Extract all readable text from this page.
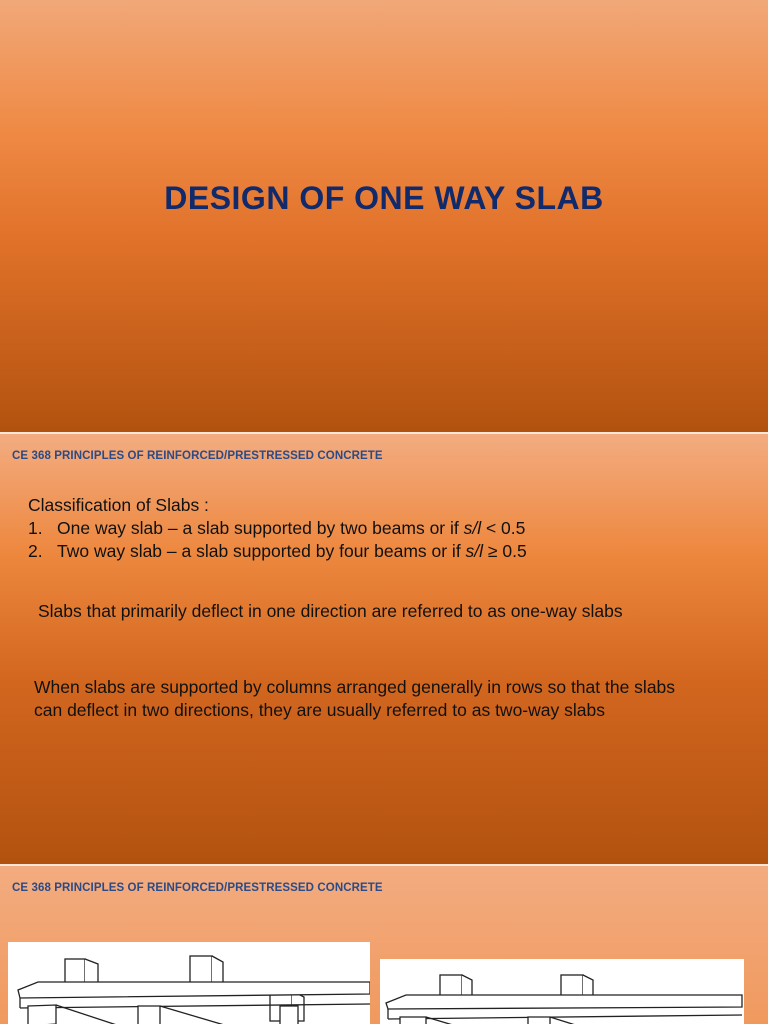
DESIGN OF ONE WAY SLAB
CE 368 PRINCIPLES OF REINFORCED/PRESTRESSED CONCRETE
Classification of Slabs :
1. One way slab – a slab supported by two beams or if s/l < 0.5
2. Two way slab – a slab supported by four beams or if s/l ≥ 0.5
Slabs that primarily deflect in one direction are referred to as one-way slabs
When slabs are supported by columns arranged generally in rows so that the slabs
can deflect in two directions, they are usually referred to as two-way slabs
CE 368 PRINCIPLES OF REINFORCED/PRESTRESSED CONCRETE
